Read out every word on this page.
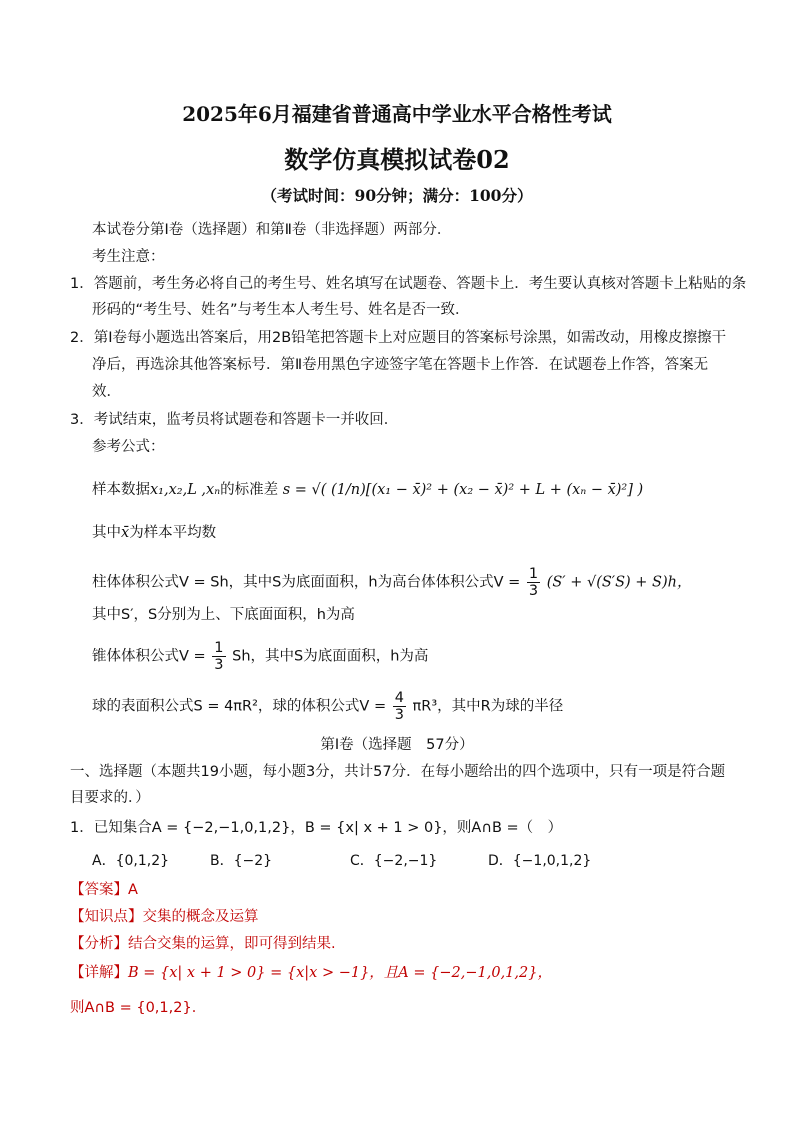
2025年6月福建省普通高中学业水平合格性考试
数学仿真模拟试卷02
（考试时间：90分钟；满分：100分）
本试卷分第Ⅰ卷（选择题）和第Ⅱ卷（非选择题）两部分．
考生注意：
1．答题前，考生务必将自己的考生号、姓名填写在试题卷、答题卡上．考生要认真核对答题卡上粘贴的条
形码的“考生号、姓名”与考生本人考生号、姓名是否一致．
2．第Ⅰ卷每小题选出答案后，用2B铅笔把答题卡上对应题目的答案标号涂黑，如需改动，用橡皮擦擦干
净后，再选涂其他答案标号．第Ⅱ卷用黑色字迹签字笔在答题卡上作答．在试题卷上作答，答案无
效．
3．考试结束，监考员将试题卷和答题卡一并收回．
参考公式：
样本数据x₁,x₂,L ,xₙ的标准差 s = √( (1/n)[(x₁ − x̄)² + (x₂ − x̄)² + L + (xₙ − x̄)²] )
其中x̄为样本平均数
柱体体积公式V = Sh，其中S为底面面积，h为高台体体积公式$V = \frac{1}{3} (S' + √(S'S) + S)h$，
其中S′，S分别为上、下底面面积，h为高
锥体体积公式$V = \frac{1}{3}$ Sh，其中S为底面面积，h为高
球的表面积公式S = 4πR²，球的体积公式$V = \frac{4}{3} \pi R^3$，其中R为球的半径
第Ⅰ卷（选择题　57分）
一、选择题（本题共19小题，每小题3分，共计57分．在每小题给出的四个选项中，只有一项是符合题
目要求的．）
1．已知集合A = {−2,−1,0,1,2}，B = {x| x + 1 > 0}，则A∩B =（　）
A．{0,1,2}	B．{−2}	C．{−2,−1}	D．{−1,0,1,2}
【答案】A
【知识点】交集的概念及运算
【分析】结合交集的运算，即可得到结果.
【详解】B = {x| x + 1 > 0} = {x|x > −1}，且A = {−2,−1,0,1,2}，
则A∩B = {0,1,2}．
